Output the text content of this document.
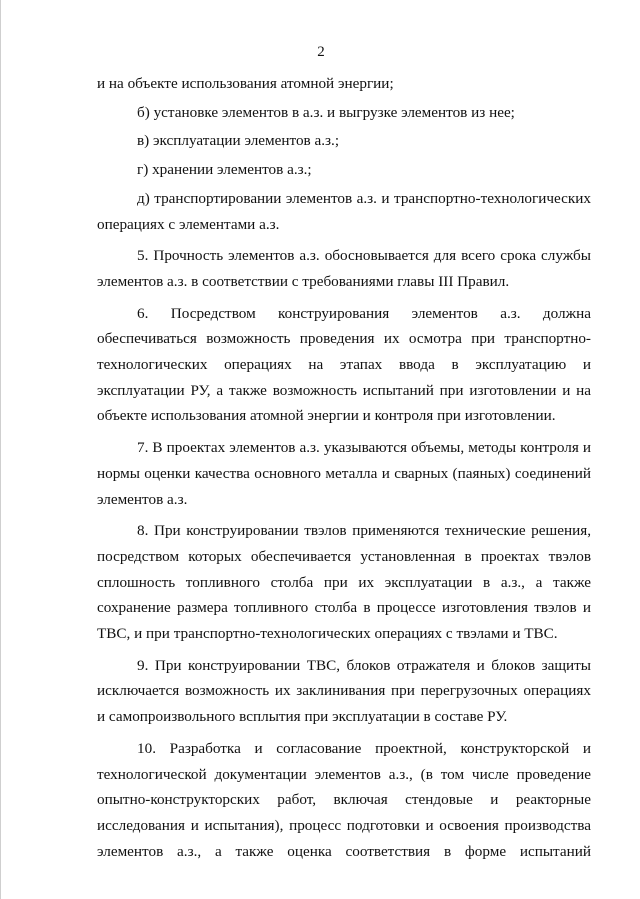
2

и на объекте использования атомной энергии;

б) установке элементов в а.з. и выгрузке элементов из нее;

в) эксплуатации элементов а.з.;

г) хранении элементов а.з.;

д) транспортировании элементов а.з. и транспортно-технологических операциях с элементами а.з.

5. Прочность элементов а.з. обосновывается для всего срока службы элементов а.з. в соответствии с требованиями главы III Правил.

6. Посредством конструирования элементов а.з. должна обеспечиваться возможность проведения их осмотра при транспортно-технологических операциях на этапах ввода в эксплуатацию и эксплуатации РУ, а также возможность испытаний при изготовлении и на объекте использования атомной энергии и контроля при изготовлении.

7. В проектах элементов а.з. указываются объемы, методы контроля и нормы оценки качества основного металла и сварных (паяных) соединений элементов а.з.

8. При конструировании твэлов применяются технические решения, посредством которых обеспечивается установленная в проектах твэлов сплошность топливного столба при их эксплуатации в а.з., а также сохранение размера топливного столба в процессе изготовления твэлов и ТВС, и при транспортно-технологических операциях с твэлами и ТВС.

9. При конструировании ТВС, блоков отражателя и блоков защиты исключается возможность их заклинивания при перегрузочных операциях и самопроизвольного всплытия при эксплуатации в составе РУ.

10. Разработка и согласование проектной, конструкторской и технологической документации элементов а.з., (в том числе проведение опытно-конструкторских работ, включая стендовые и реакторные исследования и испытания), процесс подготовки и освоения производства элементов а.з., а также оценка соответствия в форме испытаний
